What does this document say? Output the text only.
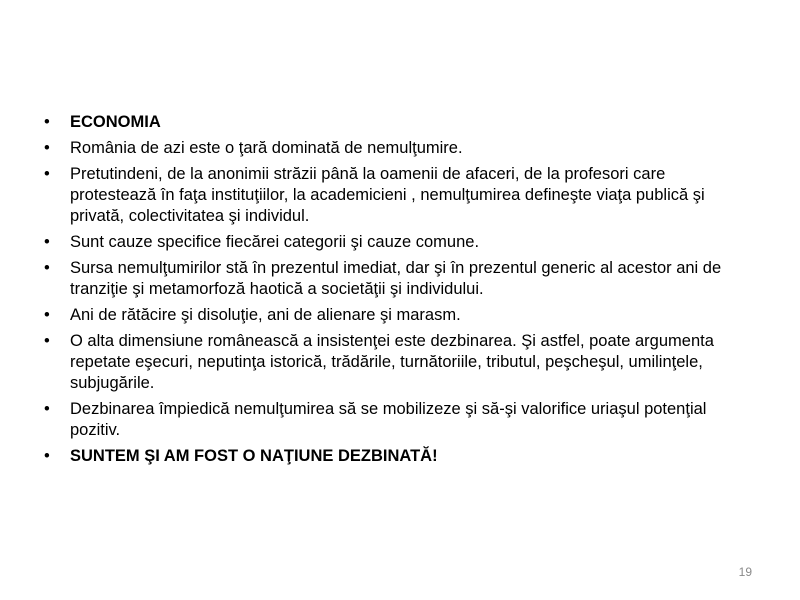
•	ECONOMIA
•	România de azi este o ţară dominată de nemulţumire.
•	Pretutindeni, de la anonimii străzii până la oamenii de afaceri, de la profesori care protestează în faţa instituţiilor, la academicieni , nemulţumirea defineşte viaţa publică şi privată, colectivitatea şi individul.
•	Sunt cauze specifice fiecărei categorii şi cauze comune.
•	Sursa nemulţumirilor stă în prezentul imediat, dar şi în prezentul generic al acestor ani de tranziţie şi metamorfoză haotică a societăţii şi individului.
•	Ani de rătăcire şi disoluţie, ani de alienare şi marasm.
•	O alta dimensiune românească a insistenţei este dezbinarea. Şi astfel, poate argumenta repetate eşecuri, neputinţa istorică, trădările, turnătoriile, tributul, peşcheşul, umilinţele, subjugările.
•	Dezbinarea împiedică nemulţumirea să se mobilizeze şi să-şi valorifice uriaşul potenţial pozitiv.
•	SUNTEM ŞI AM FOST O NAŢIUNE DEZBINATĂ!
19
